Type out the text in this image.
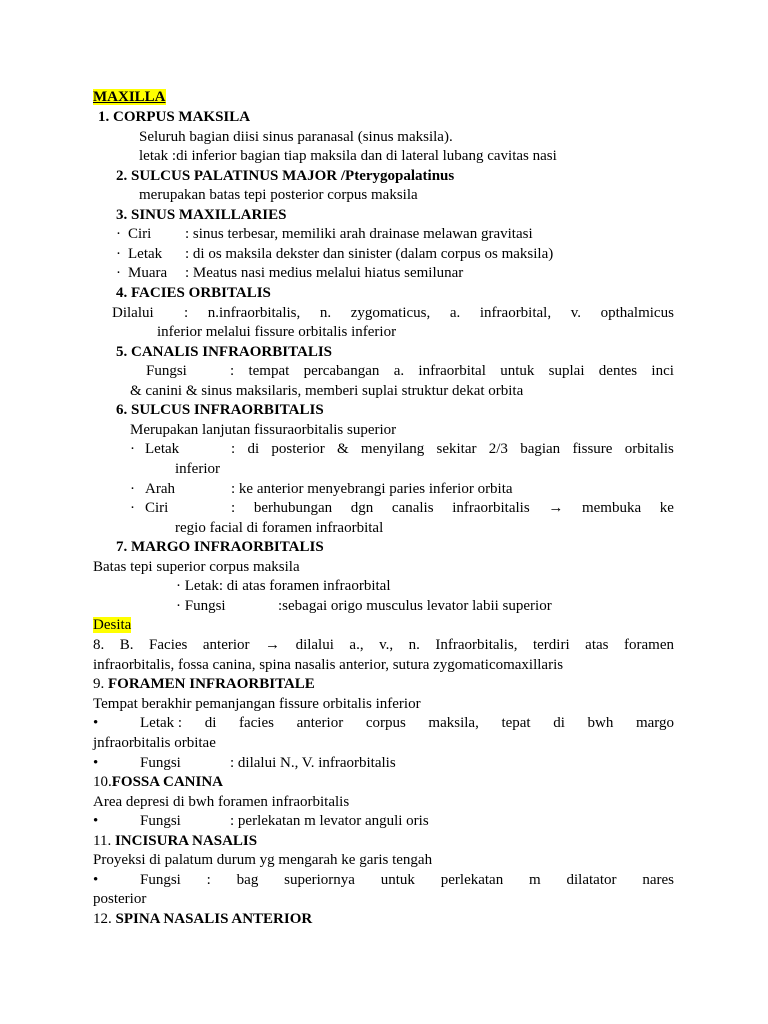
MAXILLA
1. CORPUS MAKSILA
Seluruh bagian diisi sinus paranasal (sinus maksila).
letak :di inferior bagian tiap maksila dan di lateral lubang cavitas nasi
2. SULCUS PALATINUS MAJOR /Pterygopalatinus
merupakan batas tepi posterior corpus maksila
3. SINUS MAXILLARIES
· Ciri : sinus terbesar, memiliki arah drainase melawan gravitasi
· Letak : di os maksila dekster dan sinister (dalam corpus os maksila)
· Muara : Meatus nasi medius melalui hiatus semilunar
4. FACIES ORBITALIS
Dilalui	: n.infraorbitalis, n. zygomaticus, a. infraorbital, v. opthalmicus
inferior melalui fissure orbitalis inferior
5. CANALIS INFRAORBITALIS
Fungsi	: tempat percabangan a. infraorbital untuk suplai dentes inci
& canini & sinus maksilaris, memberi suplai struktur dekat orbita
6. SULCUS INFRAORBITALIS
Merupakan lanjutan fissuraorbitalis superior
· Letak	: di posterior & menyilang sekitar 2/3 bagian fissure orbitalis
inferior
· Arah	: ke anterior menyebrangi paries inferior orbita
· Ciri	: berhubungan dgn canalis infraorbitalis → membuka ke
regio facial di foramen infraorbital
7. MARGO INFRAORBITALIS
Batas tepi superior corpus maksila
· Letak: di atas foramen infraorbital
· Fungsi	:sebagai origo musculus levator labii superior
Desita
8. B. Facies anterior → dilalui a., v., n. Infraorbitalis, terdiri atas foramen
infraorbitalis, fossa canina, spina nasalis anterior, sutura zygomaticomaxillaris
9. FORAMEN INFRAORBITALE
Tempat berakhir pemanjangan fissure orbitalis inferior
•	Letak : di facies anterior corpus maksila, tepat di bwh margo
jnfraorbitalis orbitae
•	Fungsi	: dilalui N., V. infraorbitalis
10.FOSSA CANINA
Area depresi di bwh foramen infraorbitalis
•	Fungsi	: perlekatan m levator anguli oris
11. INCISURA NASALIS
Proyeksi di palatum durum yg mengarah ke garis tengah
•	Fungsi : bag superiornya untuk perlekatan m dilatator nares
posterior
12. SPINA NASALIS ANTERIOR
